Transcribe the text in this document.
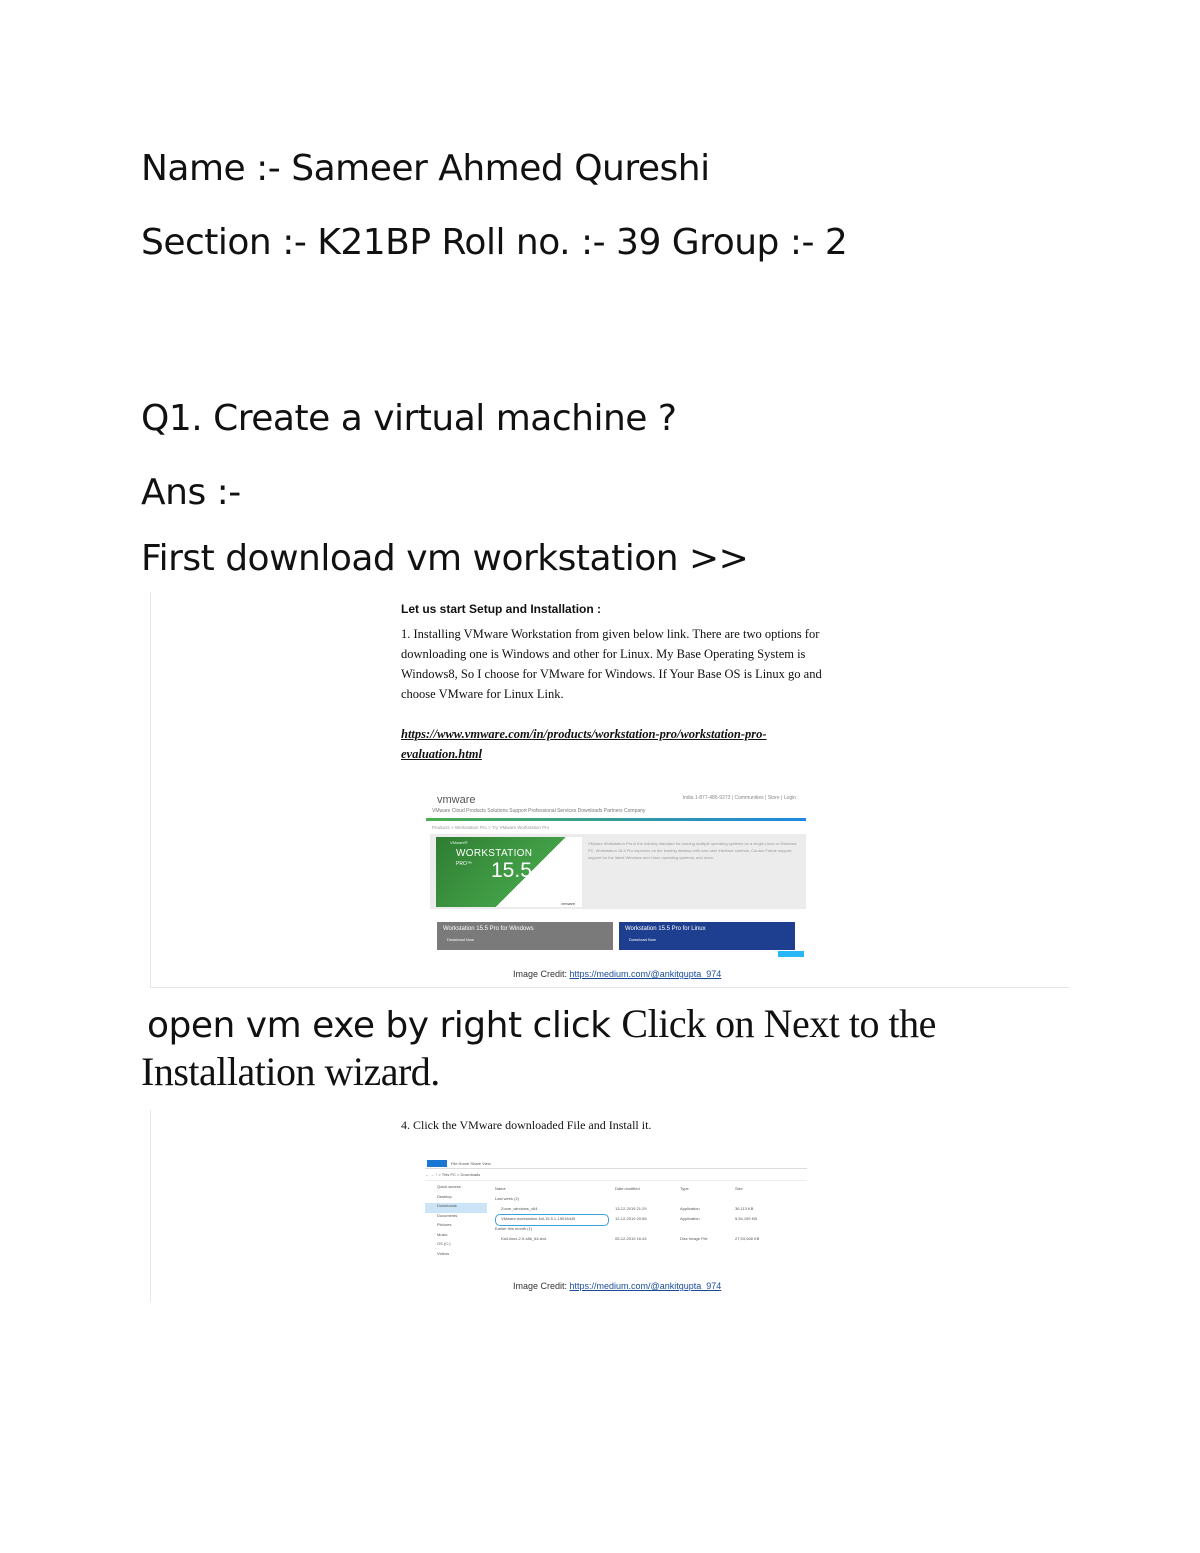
Name :- Sameer Ahmed Qureshi
Section :- K21BP Roll no. :- 39 Group :- 2
Q1. Create a virtual machine ?
Ans :-
First download vm workstation >>
Let us start Setup and Installation :
1. Installing VMware Workstation from given below link. There are two options for downloading one is Windows and other for Linux. My Base Operating System is Windows8, So I choose for VMware for Windows. If Your Base OS is Linux go and choose VMware for Linux Link.
https://www.vmware.com/in/products/workstation-pro/workstation-pro-evaluation.html
vmware	India 1-877-486-9273 | Communities | Store | Login
VMware Cloud Products Solutions Support Professional Services Downloads Partners Company
Products > Workstation Pro > Try VMware Workstation Pro
VMware®
WORKSTATION
PRO™ 15.5
vmware
VMware Workstation Pro is the industry standard for running multiple operating systems on a single Linux or Windows PC. Workstation 15.5 Pro improves on the leading desktop with new user interface controls, Cordon Frame support, support for the latest Windows and Linux operating systems, and more.
Workstation 15.5 Pro for Windows
Download Now
Workstation 15.5 Pro for Linux
Download Now
Image Credit: https://medium.com/@ankitgupta_974
open vm exe by right click Click on Next to the
Installation wizard.
4. Click the VMware downloaded File and Install it.
File Home Share View
← → ↑ > This PC > Downloads
Quick access
Desktop
Downloads
Documents
Pictures
Music
OS (C:)
Videos
Name	Date modified	Type	Size
Last week (2)
Zoom_windows_x64	13-12-2019 21:29	Application	36,113 KB
VMware-workstation-full-15.5.1-15018445	12-12-2019 20:56	Application	5,54,159 KB
Earlier this month (1)
Kali-linux-2.9-x86_64-dvd	05-12-2019 16:44	Disc Image File	27,93,068 KB
Image Credit: https://medium.com/@ankitgupta_974
